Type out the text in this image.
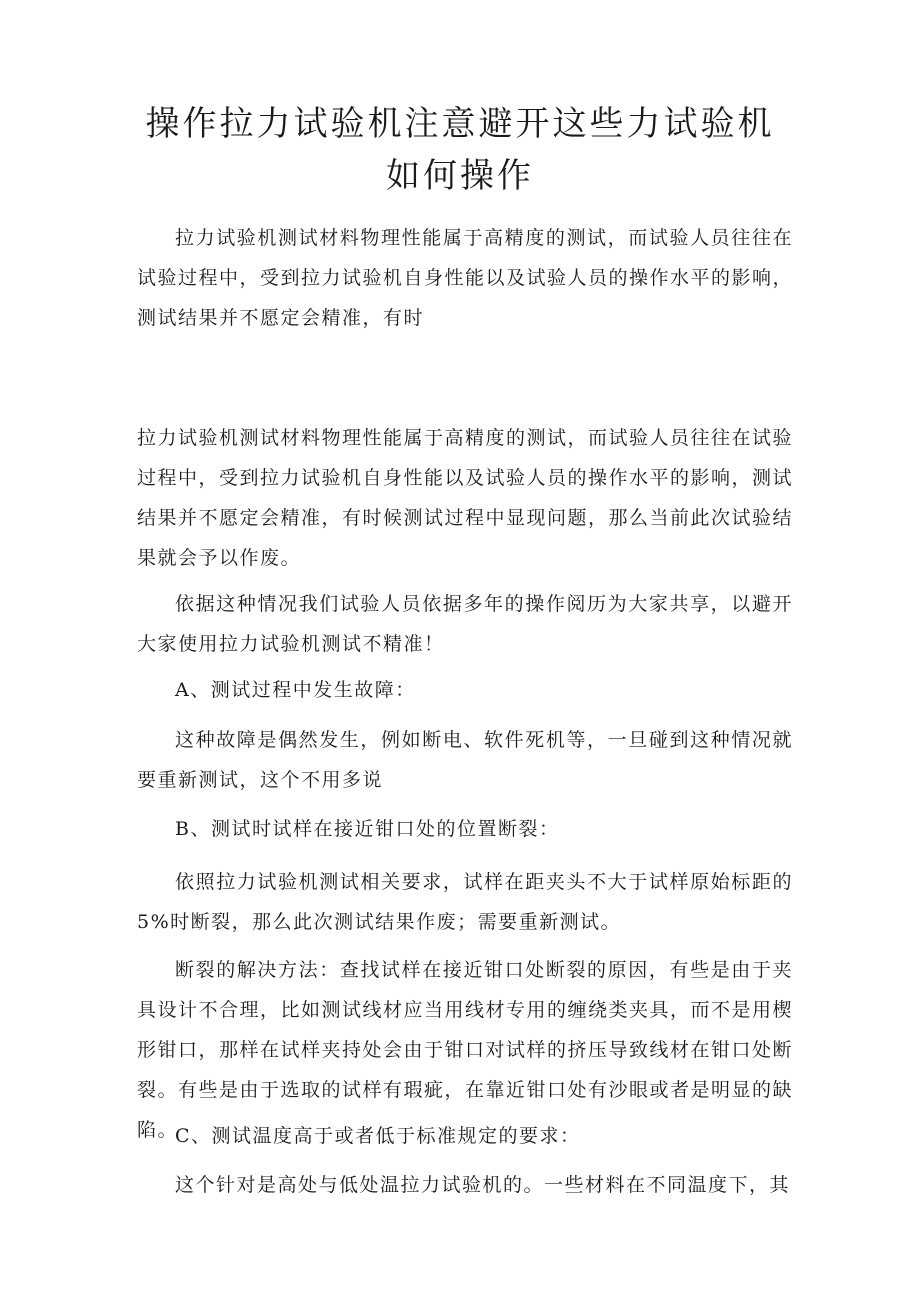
操作拉力试验机注意避开这些力试验机如何操作

拉力试验机测试材料物理性能属于高精度的测试，而试验人员往往在试验过程中，受到拉力试验机自身性能以及试验人员的操作水平的影响，测试结果并不愿定会精准，有时

拉力试验机测试材料物理性能属于高精度的测试，而试验人员往往在试验过程中，受到拉力试验机自身性能以及试验人员的操作水平的影响，测试结果并不愿定会精准，有时候测试过程中显现问题，那么当前此次试验结果就会予以作废。

依据这种情况我们试验人员依据多年的操作阅历为大家共享，以避开大家使用拉力试验机测试不精准！

A、测试过程中发生故障：

这种故障是偶然发生，例如断电、软件死机等，一旦碰到这种情况就要重新测试，这个不用多说

B、测试时试样在接近钳口处的位置断裂：

依照拉力试验机测试相关要求，试样在距夹头不大于试样原始标距的5%时断裂，那么此次测试结果作废；需要重新测试。

断裂的解决方法：查找试样在接近钳口处断裂的原因，有些是由于夹具设计不合理，比如测试线材应当用线材专用的缠绕类夹具，而不是用楔形钳口，那样在试样夹持处会由于钳口对试样的挤压导致线材在钳口处断裂。有些是由于选取的试样有瑕疵，在靠近钳口处有沙眼或者是明显的缺陷。

C、测试温度高于或者低于标准规定的要求：

这个针对是高处与低处温拉力试验机的。一些材料在不同温度下，其
